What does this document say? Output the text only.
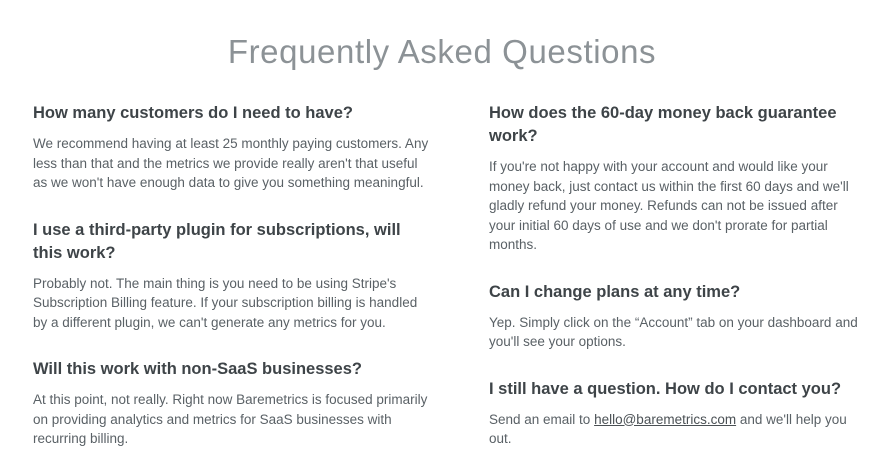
Frequently Asked Questions

How many customers do I need to have?

We recommend having at least 25 monthly paying customers. Any less than that and the metrics we provide really aren't that useful as we won't have enough data to give you something meaningful.

I use a third-party plugin for subscriptions, will this work?

Probably not. The main thing is you need to be using Stripe's Subscription Billing feature. If your subscription billing is handled by a different plugin, we can't generate any metrics for you.

Will this work with non-SaaS businesses?

At this point, not really. Right now Baremetrics is focused primarily on providing analytics and metrics for SaaS businesses with recurring billing.

How does the 60-day money back guarantee work?

If you're not happy with your account and would like your money back, just contact us within the first 60 days and we'll gladly refund your money. Refunds can not be issued after your initial 60 days of use and we don't prorate for partial months.

Can I change plans at any time?

Yep. Simply click on the “Account” tab on your dashboard and you'll see your options.

I still have a question. How do I contact you?

Send an email to hello@baremetrics.com and we'll help you out.
